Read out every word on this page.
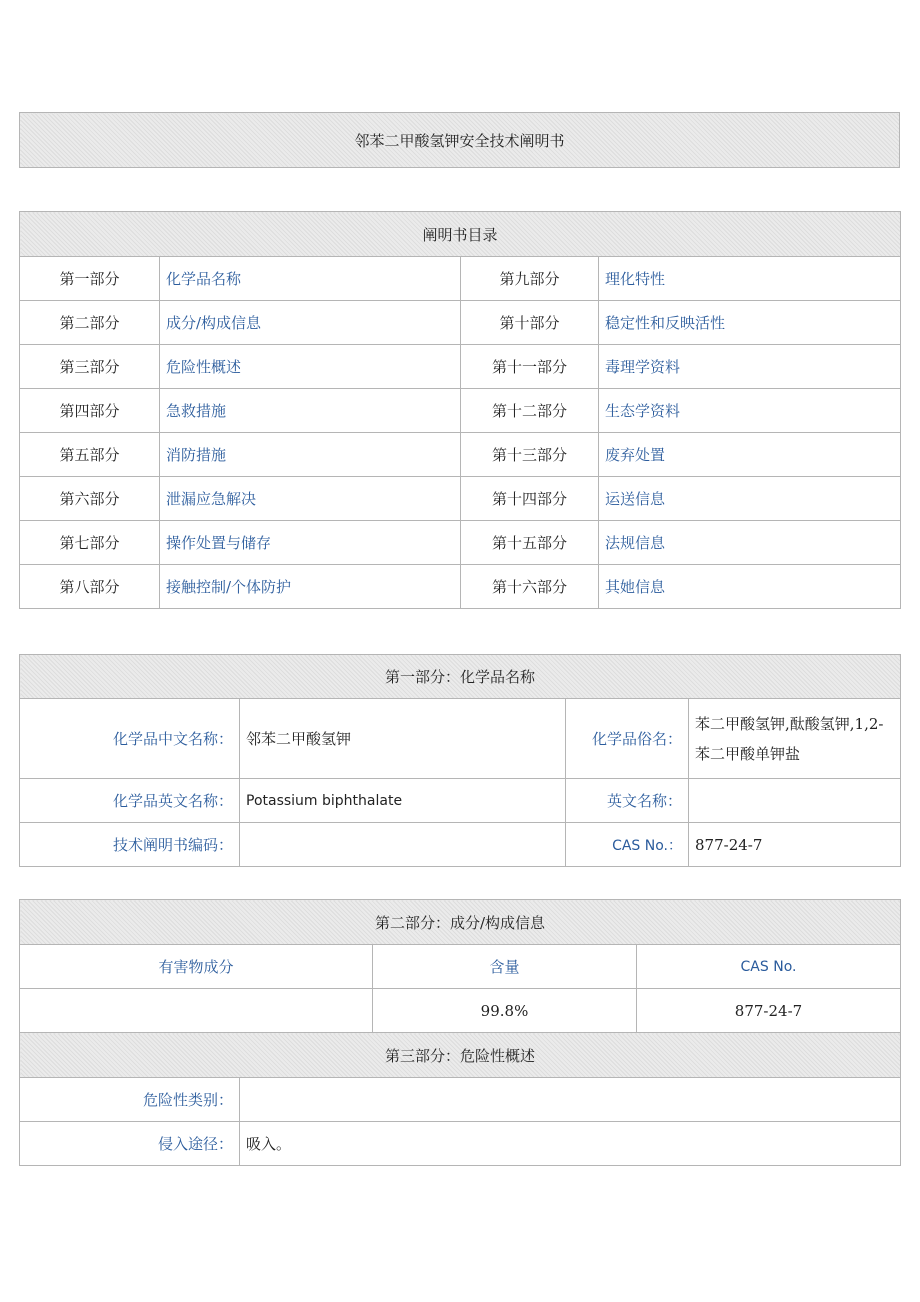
邻苯二甲酸氢钾安全技术阐明书
阐明书目录			
第一部分	化学品名称	第九部分	理化特性
第二部分	成分/构成信息	第十部分	稳定性和反映活性
第三部分	危险性概述	第十一部分	毒理学资料
第四部分	急救措施	第十二部分	生态学资料
第五部分	消防措施	第十三部分	废弃处置
第六部分	泄漏应急解决	第十四部分	运送信息
第七部分	操作处置与储存	第十五部分	法规信息
第八部分	接触控制/个体防护	第十六部分	其她信息
第一部分：化学品名称			
化学品中文名称：	邻苯二甲酸氢钾	化学品俗名：	苯二甲酸氢钾,酞酸氢钾,1,2-苯二甲酸单钾盐
化学品英文名称：	Potassium biphthalate	英文名称：	
技术阐明书编码：		CAS No.：	877-24-7
第二部分：成分/构成信息			
有害物成分		含量	CAS No.
		99.8%	877-24-7
第三部分：危险性概述			
危险性类别：			
侵入途径：	吸入。		
